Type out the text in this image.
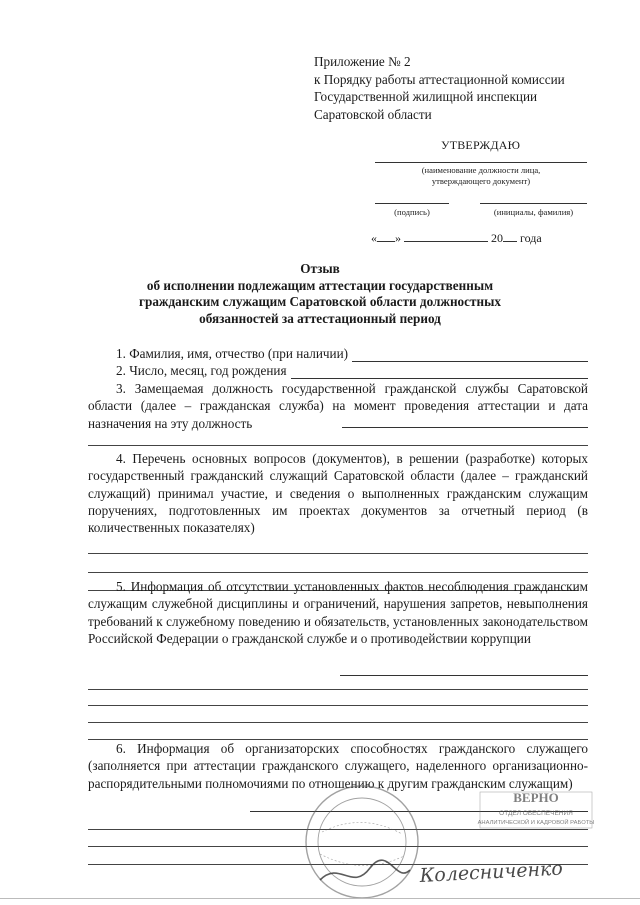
Приложение № 2
к Порядку работы аттестационной комиссии
Государственной жилищной инспекции
Саратовской области
УТВЕРЖДАЮ
(наименование должности лица,
утверждающего документ)
(подпись)	(инициалы, фамилия)
« »	20 года
Отзыв
об исполнении подлежащим аттестации государственным
гражданским служащим Саратовской области должностных
обязанностей за аттестационный период
1. Фамилия, имя, отчество (при наличии)
2. Число, месяц, год рождения

3. Замещаемая должность государственной гражданской службы Саратовской области (далее – гражданская служба) на момент проведения аттестации и дата назначения на эту должность

4. Перечень основных вопросов (документов), в решении (разработке) которых государственный гражданский служащий Саратовской области (далее – гражданский служащий) принимал участие, и сведения о выполненных гражданским служащим поручениях, подготовленных им проектах документов за отчетный период (в количественных показателях)

5. Информация об отсутствии установленных фактов несоблюдения гражданским служащим служебной дисциплины и ограничений, нарушения запретов, невыполнения требований к служебному поведению и обязательств, установленных законодательством Российской Федерации о гражданской службе и о противодействии коррупции

6. Информация об организаторских способностях гражданского служащего (заполняется при аттестации гражданского служащего, наделенного организационно-распорядительными полномочиями по отношению к другим гражданским служащим)

ВЕРНО
ОТДЕЛ ОБЕСПЕЧЕНИЯ
АНАЛИТИЧЕСКОЙ И КАДРОВОЙ РАБОТЫ
Колесниченко
